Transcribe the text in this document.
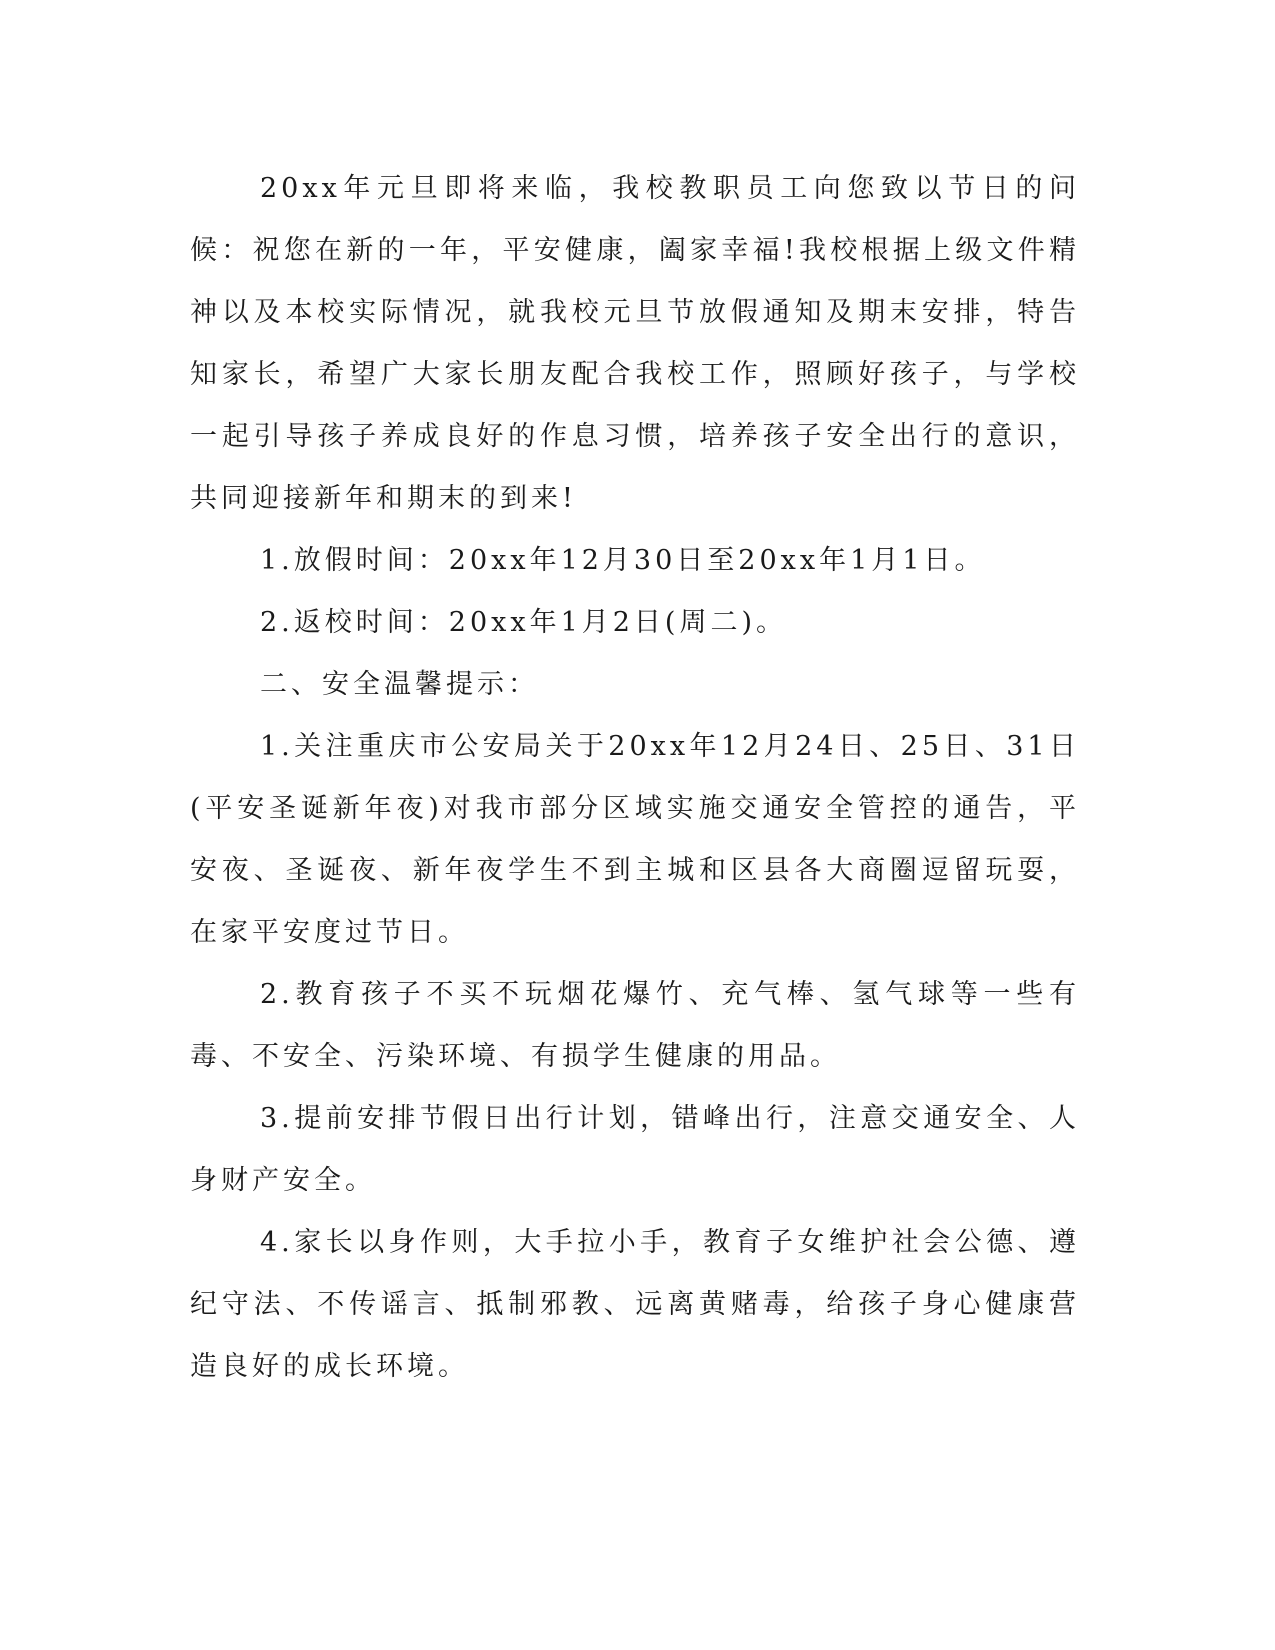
20xx年元旦即将来临，我校教职员工向您致以节日的问候：祝您在新的一年，平安健康，阖家幸福!我校根据上级文件精神以及本校实际情况，就我校元旦节放假通知及期末安排，特告知家长，希望广大家长朋友配合我校工作，照顾好孩子，与学校一起引导孩子养成良好的作息习惯，培养孩子安全出行的意识，共同迎接新年和期末的到来!

1.放假时间：20xx年12月30日至20xx年1月1日。

2.返校时间：20xx年1月2日(周二)。

二、安全温馨提示：

1.关注重庆市公安局关于20xx年12月24日、25日、31日(平安圣诞新年夜)对我市部分区域实施交通安全管控的通告，平安夜、圣诞夜、新年夜学生不到主城和区县各大商圈逗留玩耍，在家平安度过节日。

2.教育孩子不买不玩烟花爆竹、充气棒、氢气球等一些有毒、不安全、污染环境、有损学生健康的用品。

3.提前安排节假日出行计划，错峰出行，注意交通安全、人身财产安全。

4.家长以身作则，大手拉小手，教育子女维护社会公德、遵纪守法、不传谣言、抵制邪教、远离黄赌毒，给孩子身心健康营造良好的成长环境。
